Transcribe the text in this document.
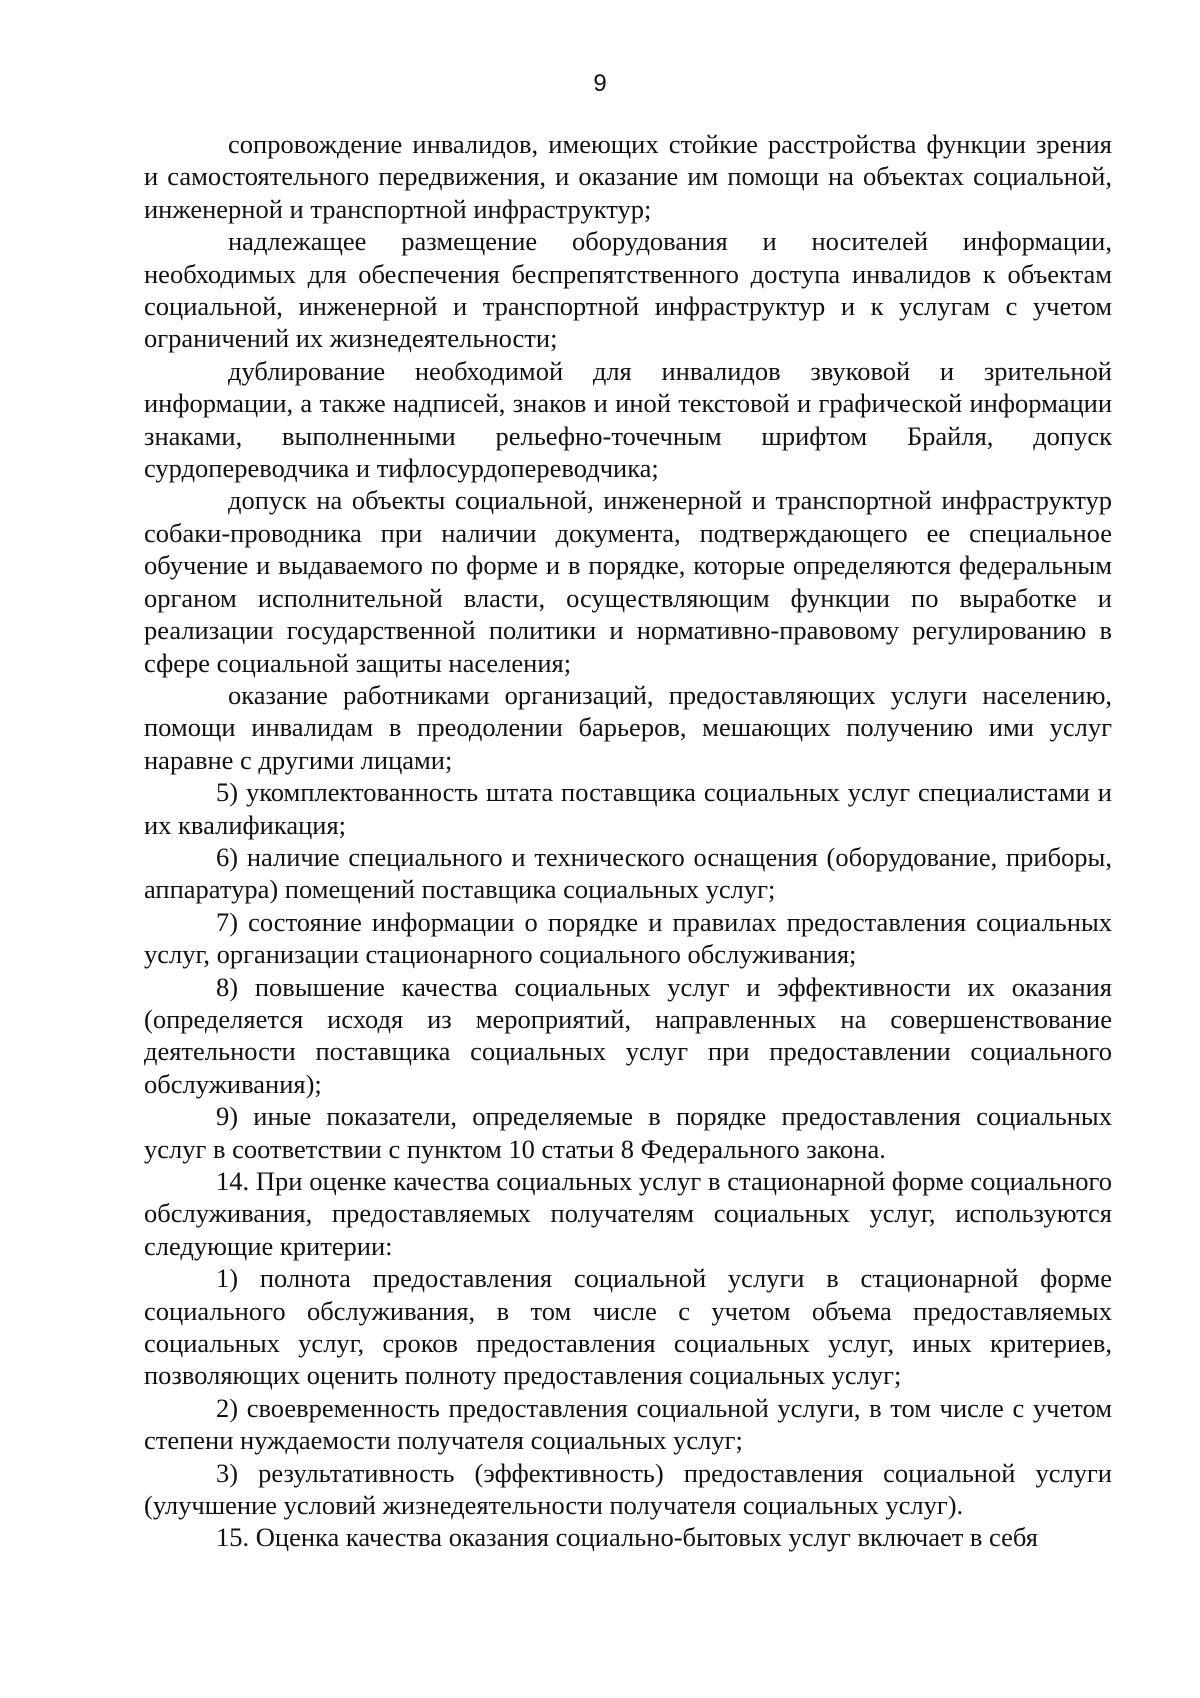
9

сопровождение инвалидов, имеющих стойкие расстройства функции зрения и самостоятельного передвижения, и оказание им помощи на объектах социальной, инженерной и транспортной инфраструктур;

надлежащее размещение оборудования и носителей информации, необходимых для обеспечения беспрепятственного доступа инвалидов к объектам социальной, инженерной и транспортной инфраструктур и к услугам с учетом ограничений их жизнедеятельности;

дублирование необходимой для инвалидов звуковой и зрительной информации, а также надписей, знаков и иной текстовой и графической информации знаками, выполненными рельефно-точечным шрифтом Брайля, допуск сурдопереводчика и тифлосурдопереводчика;

допуск на объекты социальной, инженерной и транспортной инфраструктур собаки-проводника при наличии документа, подтверждающего ее специальное обучение и выдаваемого по форме и в порядке, которые определяются федеральным органом исполнительной власти, осуществляющим функции по выработке и реализации государственной политики и нормативно-правовому регулированию в сфере социальной защиты населения;

оказание работниками организаций, предоставляющих услуги населению, помощи инвалидам в преодолении барьеров, мешающих получению ими услуг наравне с другими лицами;

5) укомплектованность штата поставщика социальных услуг специалистами и их квалификация;

6) наличие специального и технического оснащения (оборудование, приборы, аппаратура) помещений поставщика социальных услуг;

7) состояние информации о порядке и правилах предоставления социальных услуг, организации стационарного социального обслуживания;

8) повышение качества социальных услуг и эффективности их оказания (определяется исходя из мероприятий, направленных на совершенствование деятельности поставщика социальных услуг при предоставлении социального обслуживания);

9) иные показатели, определяемые в порядке предоставления социальных услуг в соответствии с пунктом 10 статьи 8 Федерального закона.

14. При оценке качества социальных услуг в стационарной форме социального обслуживания, предоставляемых получателям социальных услуг, используются следующие критерии:

1) полнота предоставления социальной услуги в стационарной форме социального обслуживания, в том числе с учетом объема предоставляемых социальных услуг, сроков предоставления социальных услуг, иных критериев, позволяющих оценить полноту предоставления социальных услуг;

2) своевременность предоставления социальной услуги, в том числе с учетом степени нуждаемости получателя социальных услуг;

3) результативность (эффективность) предоставления социальной услуги (улучшение условий жизнедеятельности получателя социальных услуг).

15. Оценка качества оказания социально-бытовых услуг включает в себя
